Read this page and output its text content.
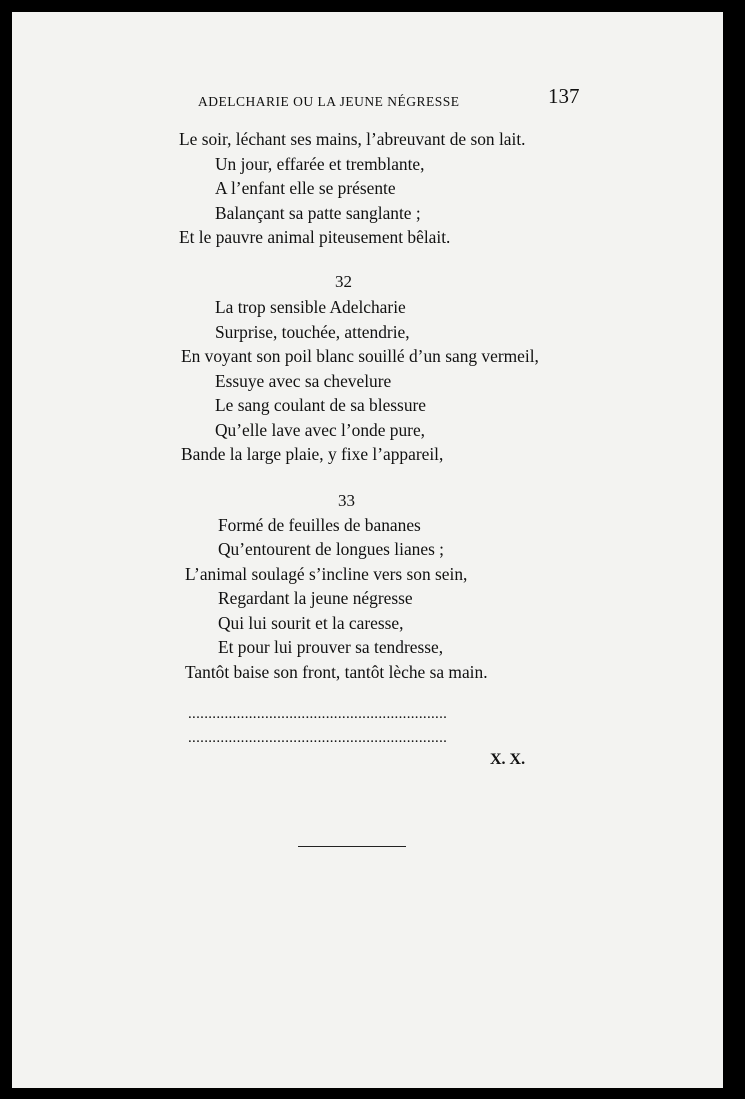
ADELCHARIE OU LA JEUNE NÉGRESSE	137
Le soir, léchant ses mains, l’abreuvant de son lait.
Un jour, effarée et tremblante,
A l’enfant elle se présente
Balançant sa patte sanglante ;
Et le pauvre animal piteusement bêlait.
32
La trop sensible Adelcharie
Surprise, touchée, attendrie,
En voyant son poil blanc souillé d’un sang vermeil,
Essuye avec sa chevelure
Le sang coulant de sa blessure
Qu’elle lave avec l’onde pure,
Bande la large plaie, y fixe l’appareil,
33
Formé de feuilles de bananes
Qu’entourent de longues lianes ;
L’animal soulagé s’incline vers son sein,
Regardant la jeune négresse
Qui lui sourit et la caresse,
Et pour lui prouver sa tendresse,
Tantôt baise son front, tantôt lèche sa main.
................................................................
................................................................
X. X.
